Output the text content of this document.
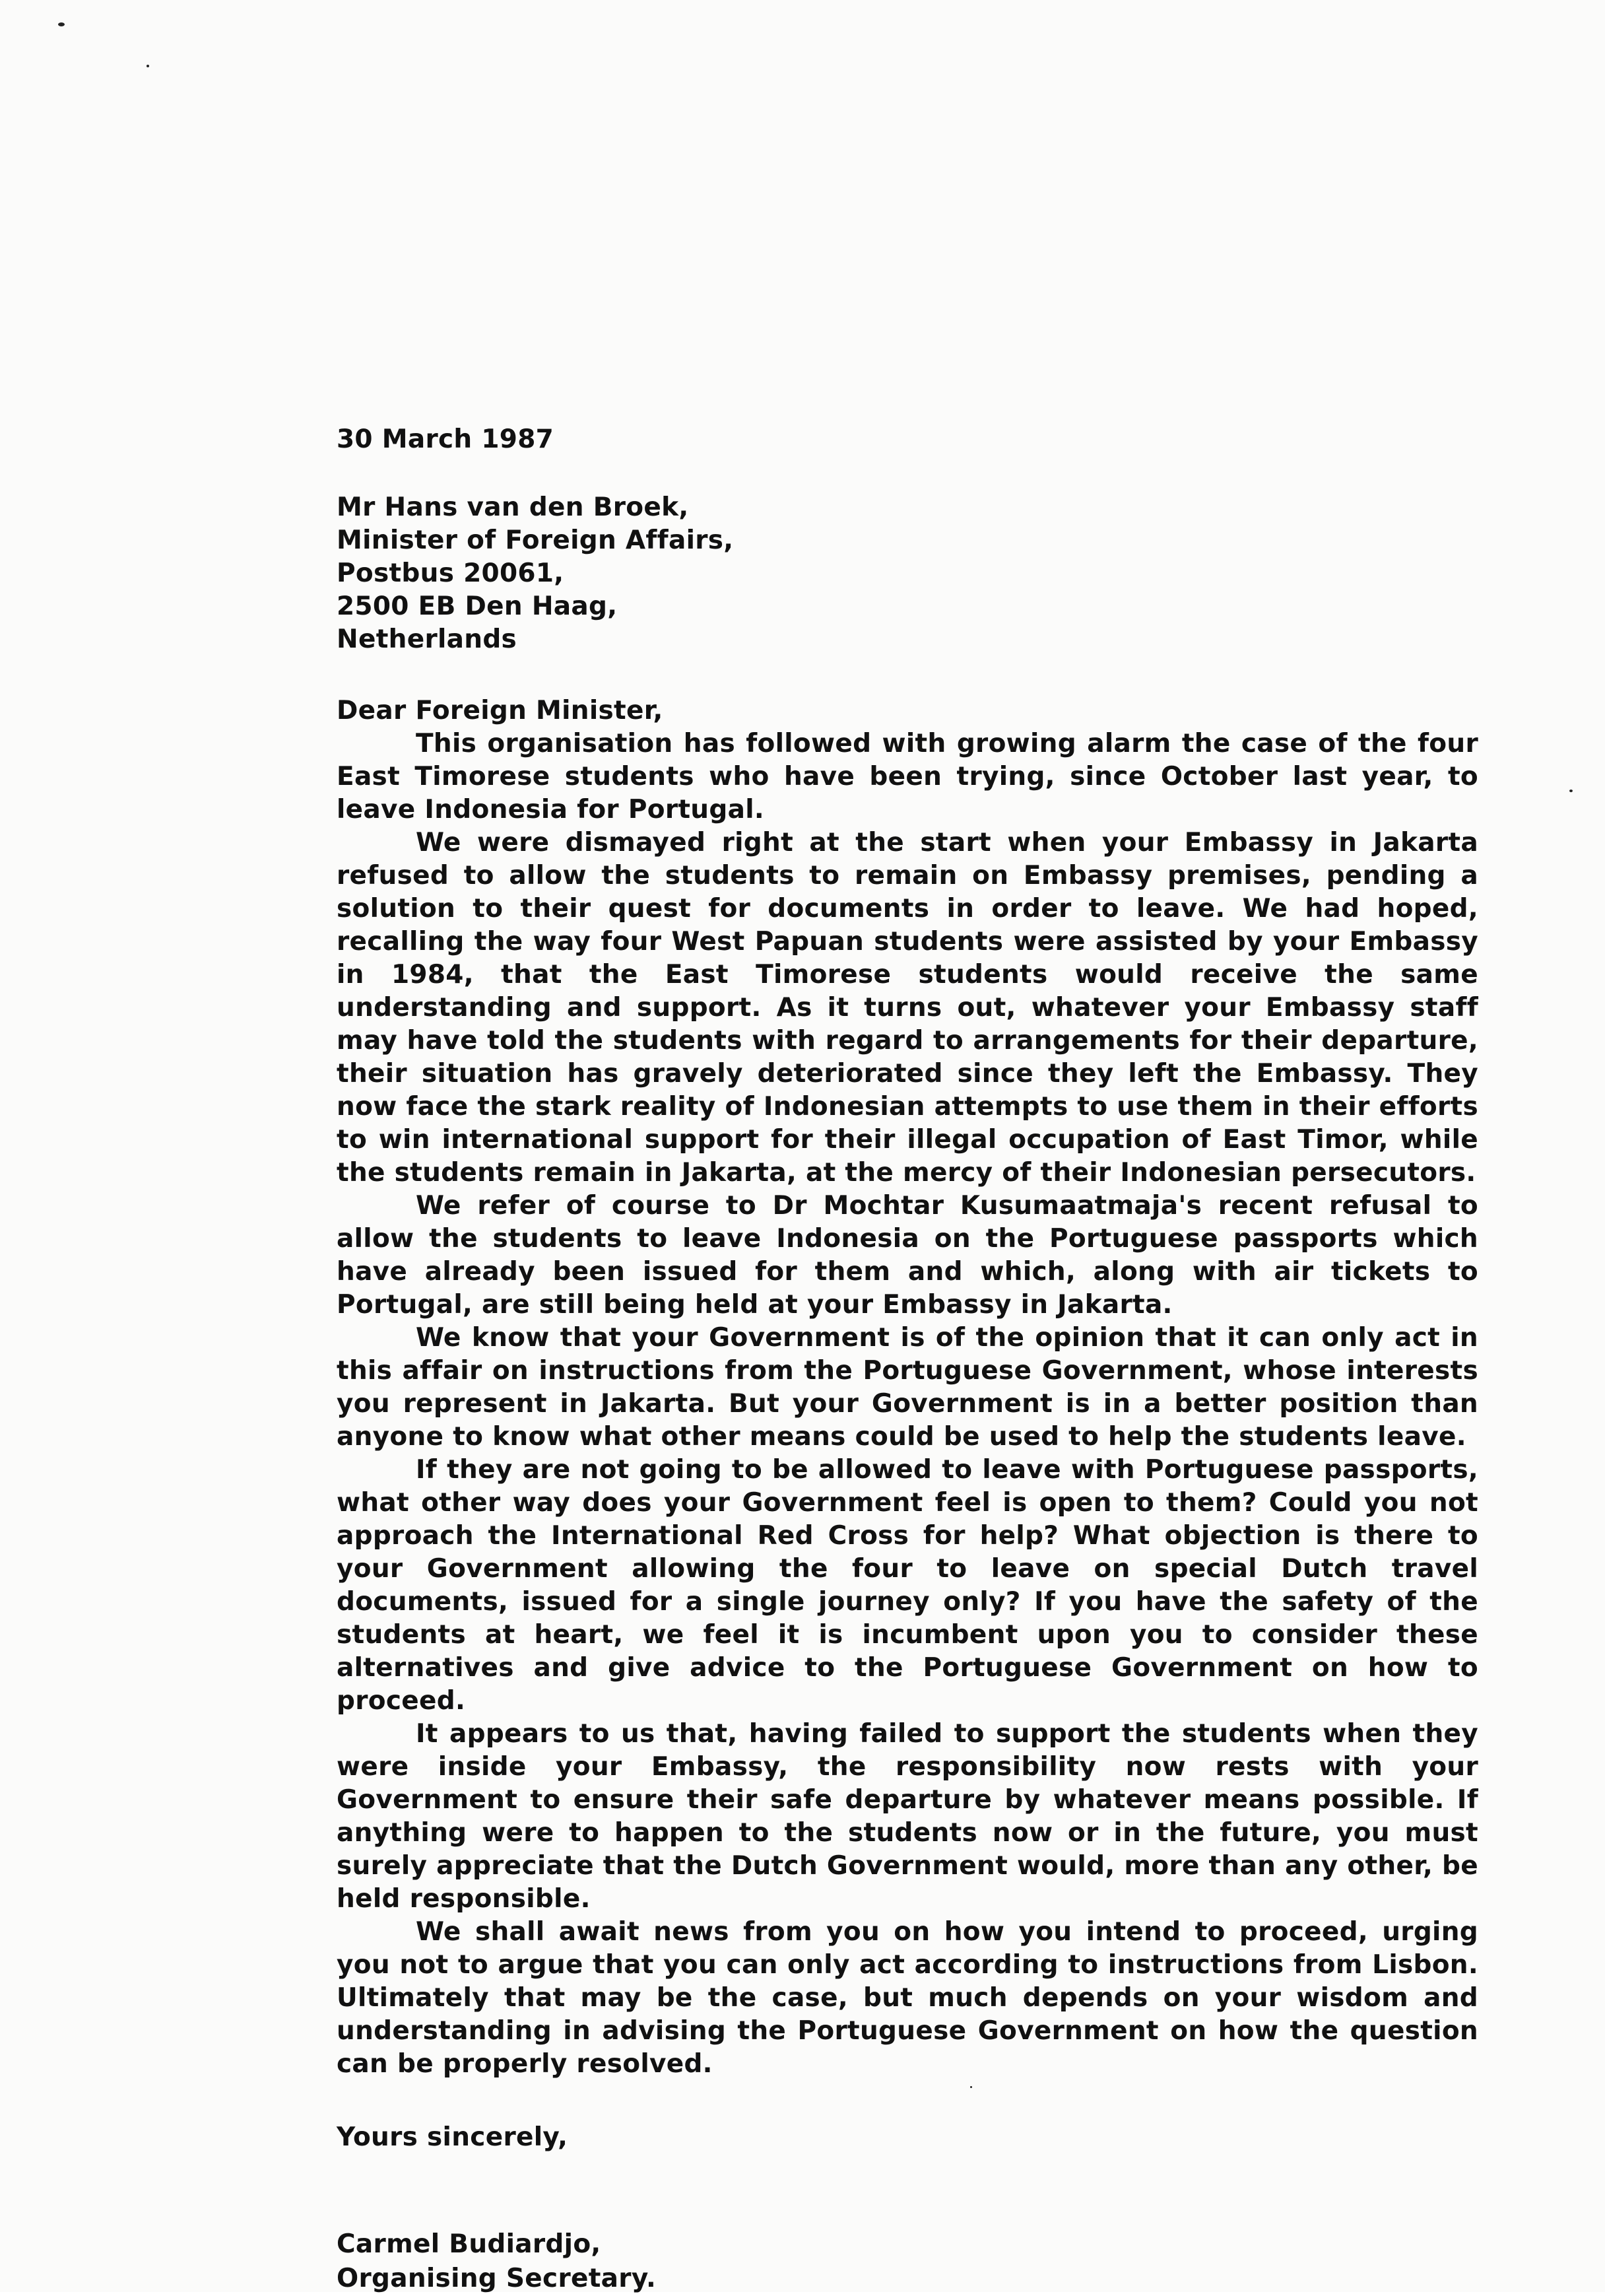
30 March 1987

Mr Hans van den Broek,
Minister of Foreign Affairs,
Postbus 20061,
2500 EB Den Haag,
Netherlands
Dear Foreign Minister,

This organisation has followed with growing alarm the case of the four East Timorese students who have been trying, since October last year, to leave Indonesia for Portugal.

We were dismayed right at the start when your Embassy in Jakarta refused to allow the students to remain on Embassy premises, pending a solution to their quest for documents in order to leave. We had hoped, recalling the way four West Papuan students were assisted by your Embassy in 1984, that the East Timorese students would receive the same understanding and support. As it turns out, whatever your Embassy staff may have told the students with regard to arrangements for their departure, their situation has gravely deteriorated since they left the Embassy. They now face the stark reality of Indonesian attempts to use them in their efforts to win international support for their illegal occupation of East Timor, while the students remain in Jakarta, at the mercy of their Indonesian persecutors.

We refer of course to Dr Mochtar Kusumaatmaja's recent refusal to allow the students to leave Indonesia on the Portuguese passports which have already been issued for them and which, along with air tickets to Portugal, are still being held at your Embassy in Jakarta.

We know that your Government is of the opinion that it can only act in this affair on instructions from the Portuguese Government, whose interests you represent in Jakarta. But your Government is in a better position than anyone to know what other means could be used to help the students leave.

If they are not going to be allowed to leave with Portuguese passports, what other way does your Government feel is open to them? Could you not approach the International Red Cross for help? What objection is there to your Government allowing the four to leave on special Dutch travel documents, issued for a single journey only? If you have the safety of the students at heart, we feel it is incumbent upon you to consider these alternatives and give advice to the Portuguese Government on how to proceed.

It appears to us that, having failed to support the students when they were inside your Embassy, the responsibility now rests with your Government to ensure their safe departure by whatever means possible. If anything were to happen to the students now or in the future, you must surely appreciate that the Dutch Government would, more than any other, be held responsible.

We shall await news from you on how you intend to proceed, urging you not to argue that you can only act according to instructions from Lisbon. Ultimately that may be the case, but much depends on your wisdom and understanding in advising the Portuguese Government on how the question can be properly resolved.

Yours sincerely,
Carmel Budiardjo,
Organising Secretary.
